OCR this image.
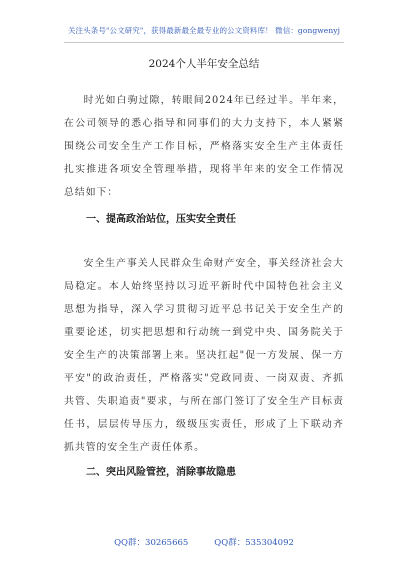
关注头条号"公文研究"，获得最新最全最专业的公文资料库！ 微信：gongwenyj
2024个人半年安全总结

时光如白驹过隙，转眼间2024年已经过半。半年来，在公司领导的悉心指导和同事们的大力支持下，本人紧紧围绕公司安全生产工作目标，严格落实安全生产主体责任扎实推进各项安全管理举措，现将半年来的安全工作情况总结如下：

一、提高政治站位，压实安全责任

安全生产事关人民群众生命财产安全，事关经济社会大局稳定。本人始终坚持以习近平新时代中国特色社会主义思想为指导，深入学习贯彻习近平总书记关于安全生产的重要论述，切实把思想和行动统一到党中央、国务院关于安全生产的决策部署上来。坚决扛起"促一方发展、保一方平安"的政治责任，严格落实"党政同责、一岗双责、齐抓共管、失职追责"要求，与所在部门签订了安全生产目标责任书，层层传导压力，级级压实责任，形成了上下联动齐抓共管的安全生产责任体系。

二、突出风险管控，消除事故隐患
QQ群：30265665	QQ群：535304092
